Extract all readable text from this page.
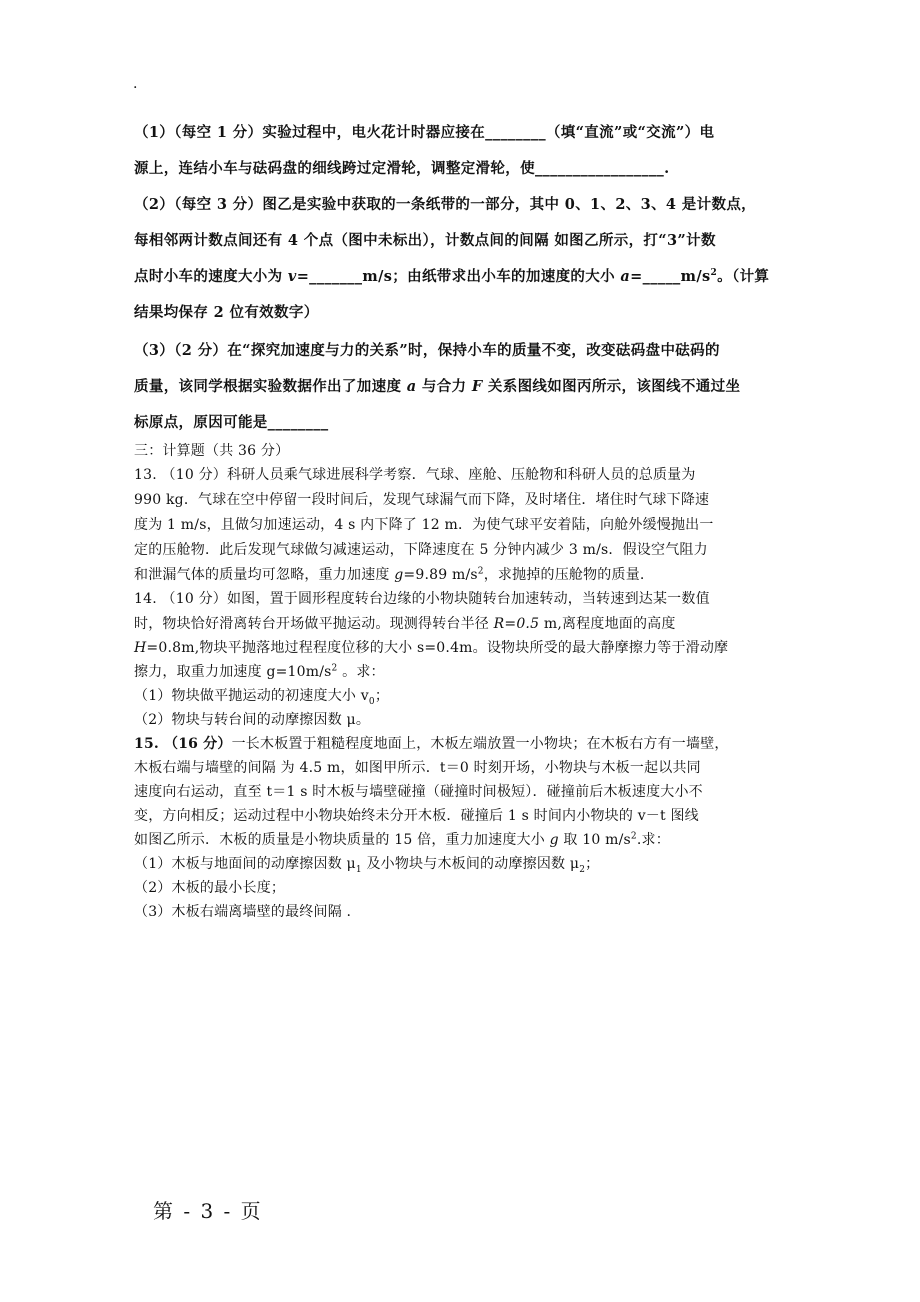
.
（1）（每空 1 分）实验过程中，电火花计时器应接在________（填“直流”或“交流”）电
源上，连结小车与砝码盘的细线跨过定滑轮，调整定滑轮，使_________________.
（2）（每空 3 分）图乙是实验中获取的一条纸带的一部分，其中 0、1、2、3、4 是计数点，
每相邻两计数点间还有 4 个点（图中未标出），计数点间的间隔 如图乙所示，打“3”计数
点时小车的速度大小为 v=_______m/s；由纸带求出小车的加速度的大小 $a=\_\_\_\_\_m/s^2$。（计算
结果均保存 2 位有效数字）
（3）（2 分）在“探究加速度与力的关系”时，保持小车的质量不变，改变砝码盘中砝码的
质量，该同学根据实验数据作出了加速度 a 与合力 F 关系图线如图丙所示，该图线不通过坐
标原点，原因可能是________
三：计算题（共 36 分）
13. （10 分）科研人员乘气球进展科学考察．气球、座舱、压舱物和科研人员的总质量为
990 kg．气球在空中停留一段时间后，发现气球漏气而下降，及时堵住．堵住时气球下降速
度为 1 m/s，且做匀加速运动，4 s 内下降了 12 m．为使气球平安着陆，向舱外缓慢抛出一
定的压舱物．此后发现气球做匀减速运动，下降速度在 5 分钟内减少 3 m/s．假设空气阻力
和泄漏气体的质量均可忽略，重力加速度 g=9.89 $m/s^2$，求抛掉的压舱物的质量.
14. （10 分）如图，置于圆形程度转台边缘的小物块随转台加速转动，当转速到达某一数值
时，物块恰好滑离转台开场做平抛运动。现测得转台半径 R=0.5 m,离程度地面的高度
H=0.8m,物块平抛落地过程程度位移的大小 s=0.4m。设物块所受的最大静摩擦力等于滑动摩
擦力，取重力加速度 $g=10m/s^2$ 。求：
（1）物块做平抛运动的初速度大小 $v_0$；
（2）物块与转台间的动摩擦因数 μ。
15. （16 分）一长木板置于粗糙程度地面上，木板左端放置一小物块；在木板右方有一墙壁，
木板右端与墙壁的间隔 为 4.5 m，如图甲所示．t＝0 时刻开场，小物块与木板一起以共同
速度向右运动，直至 t＝1 s 时木板与墙壁碰撞（碰撞时间极短）．碰撞前后木板速度大小不
变，方向相反；运动过程中小物块始终未分开木板．碰撞后 1 s 时间内小物块的 v－t 图线
如图乙所示．木板的质量是小物块质量的 15 倍，重力加速度大小 g 取 10 $m/s^2$.求：
（1）木板与地面间的动摩擦因数 $\mu_1$ 及小物块与木板间的动摩擦因数 $\mu_2$；
（2）木板的最小长度；
（3）木板右端离墙壁的最终间隔 .
第 - 3 - 页
